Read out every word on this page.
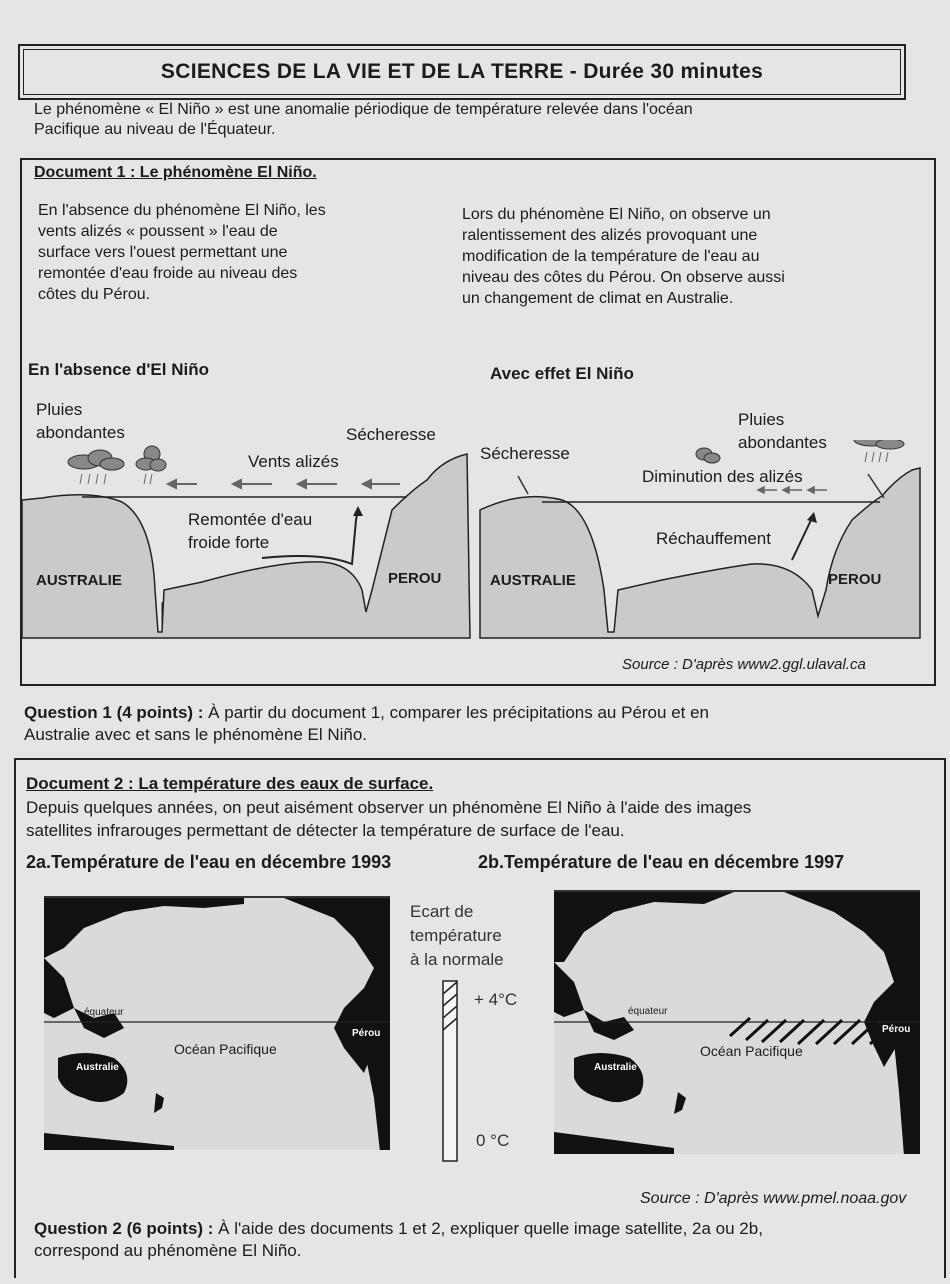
SCIENCES DE LA VIE ET DE LA TERRE - Durée 30 minutes
Le phénomène « El Niño » est une anomalie périodique de température relevée dans l'océan
Pacifique au niveau de l'Équateur.
Document 1 : Le phénomène El Niño.
En l'absence du phénomène El Niño, les
vents alizés « poussent » l'eau de
surface vers l'ouest permettant une
remontée d'eau froide au niveau des
côtes du Pérou.
Lors du phénomène El Niño, on observe un
ralentissement des alizés provoquant une
modification de la température de l'eau au
niveau des côtes du Pérou. On observe aussi
un changement de climat en Australie.
En l'absence d'El Niño	Avec effet El Niño
Pluies
abondantes	Sécheresse
Vents alizés
Remontée d'eau
froide forte
AUSTRALIE	PEROU
Pluies
abondantes
Sécheresse
Diminution des alizés
Réchauffement
AUSTRALIE	PEROU
Source : D'après www2.ggl.ulaval.ca
Question 1 (4 points) : À partir du document 1, comparer les précipitations au Pérou et en
Australie avec et sans le phénomène El Niño.
Document 2 : La température des eaux de surface.
Depuis quelques années, on peut aisément observer un phénomène El Niño à l'aide des images
satellites infrarouges permettant de détecter la température de surface de l'eau.
2a.Température de l'eau en décembre 1993	2b.Température de l'eau en décembre 1997
équateur
Océan Pacifique
Pérou
Australie
Ecart de
température
à la normale
+ 4°C
0 °C
équateur
Océan Pacifique
Pérou
Australie
Source : D'après www.pmel.noaa.gov
Question 2 (6 points) : À l'aide des documents 1 et 2, expliquer quelle image satellite, 2a ou 2b,
correspond au phénomène El Niño.
